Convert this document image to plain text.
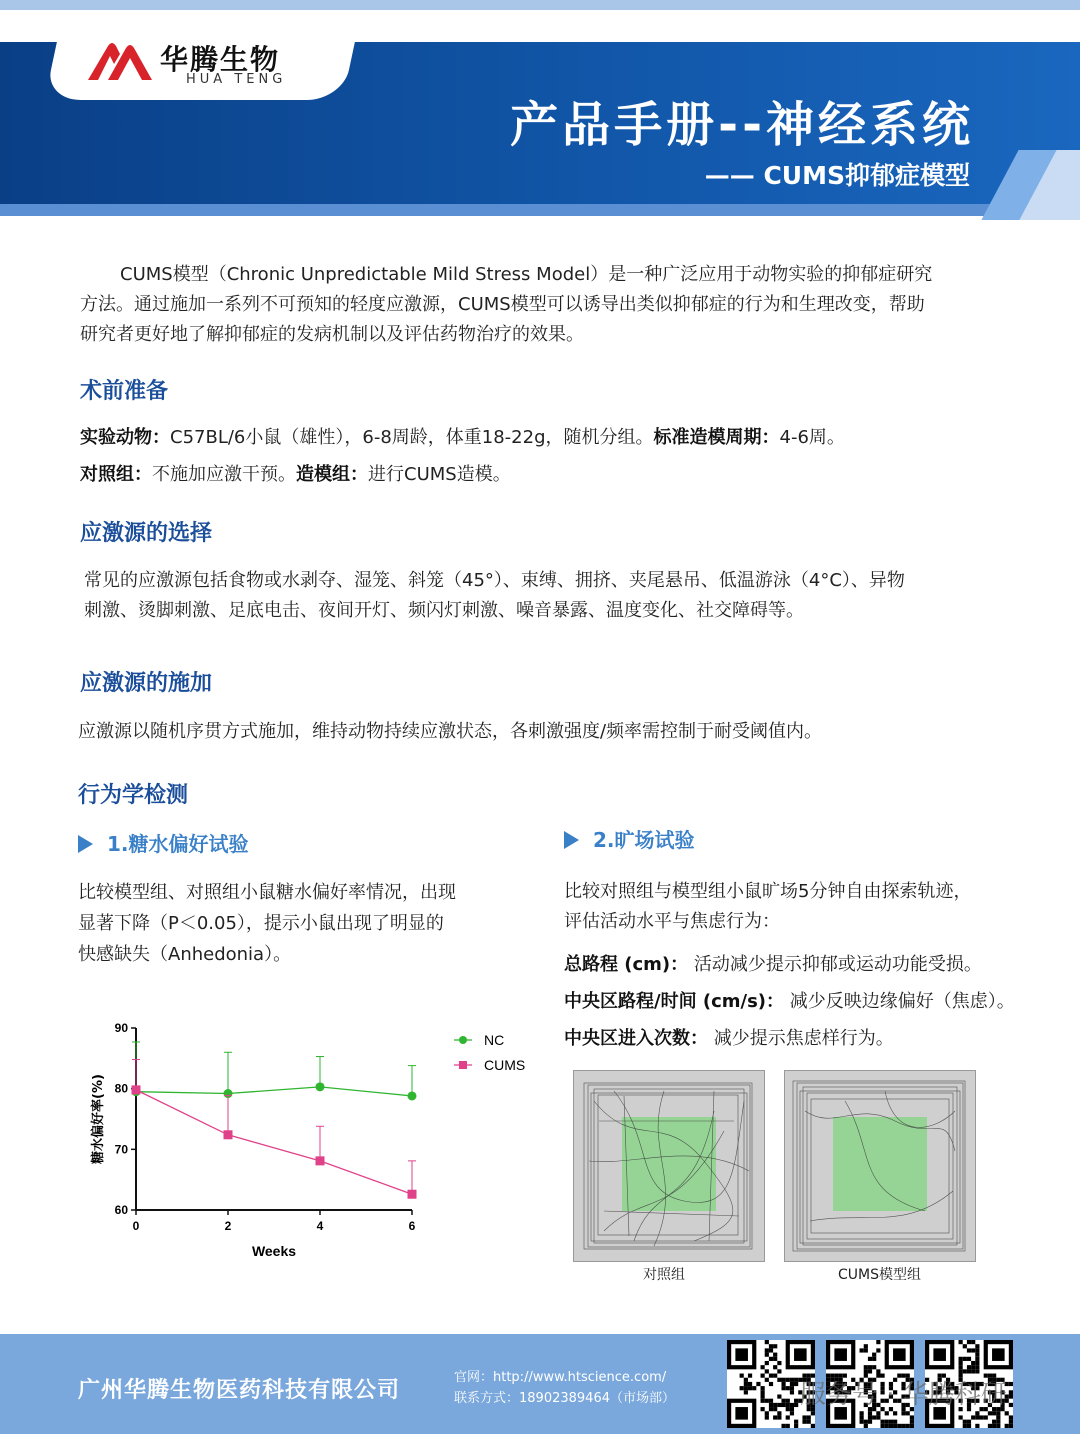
华腾生物
HUA TENG
产品手册--神经系统
—— CUMS抑郁症模型
CUMS模型（Chronic Unpredictable Mild Stress Model）是一种广泛应用于动物实验的抑郁症研究
方法。通过施加一系列不可预知的轻度应激源，CUMS模型可以诱导出类似抑郁症的行为和生理改变，帮助
研究者更好地了解抑郁症的发病机制以及评估药物治疗的效果。
术前准备
实验动物：C57BL/6小鼠（雄性），6-8周龄，体重18-22g，随机分组。标准造模周期：4-6周。
对照组：不施加应激干预。造模组：进行CUMS造模。
应激源的选择
常见的应激源包括食物或水剥夺、湿笼、斜笼（45°）、束缚、拥挤、夹尾悬吊、低温游泳（4°C）、异物
刺激、烫脚刺激、足底电击、夜间开灯、频闪灯刺激、噪音暴露、温度变化、社交障碍等。
应激源的施加
应激源以随机序贯方式施加，维持动物持续应激状态，各刺激强度/频率需控制于耐受阈值内。
行为学检测
1.糖水偏好试验
比较模型组、对照组小鼠糖水偏好率情况，出现
显著下降（P＜0.05），提示小鼠出现了明显的
快感缺失（Anhedonia）。
2.旷场试验
比较对照组与模型组小鼠旷场5分钟自由探索轨迹，
评估活动水平与焦虑行为：
总路程 (cm)： 活动减少提示抑郁或运动功能受损。
中央区路程/时间 (cm/s)： 减少反映边缘偏好（焦虑）。
中央区进入次数： 减少提示焦虑样行为。
60
70
80
90
0	2	4	6
Weeks
糖水偏好率(%)
NC
CUMS
对照组	CUMS模型组
广州华腾生物医药科技有限公司
官网：http://www.htscience.com/
联系方式：18902389464（市场部）	服务号 · 华腾科研
